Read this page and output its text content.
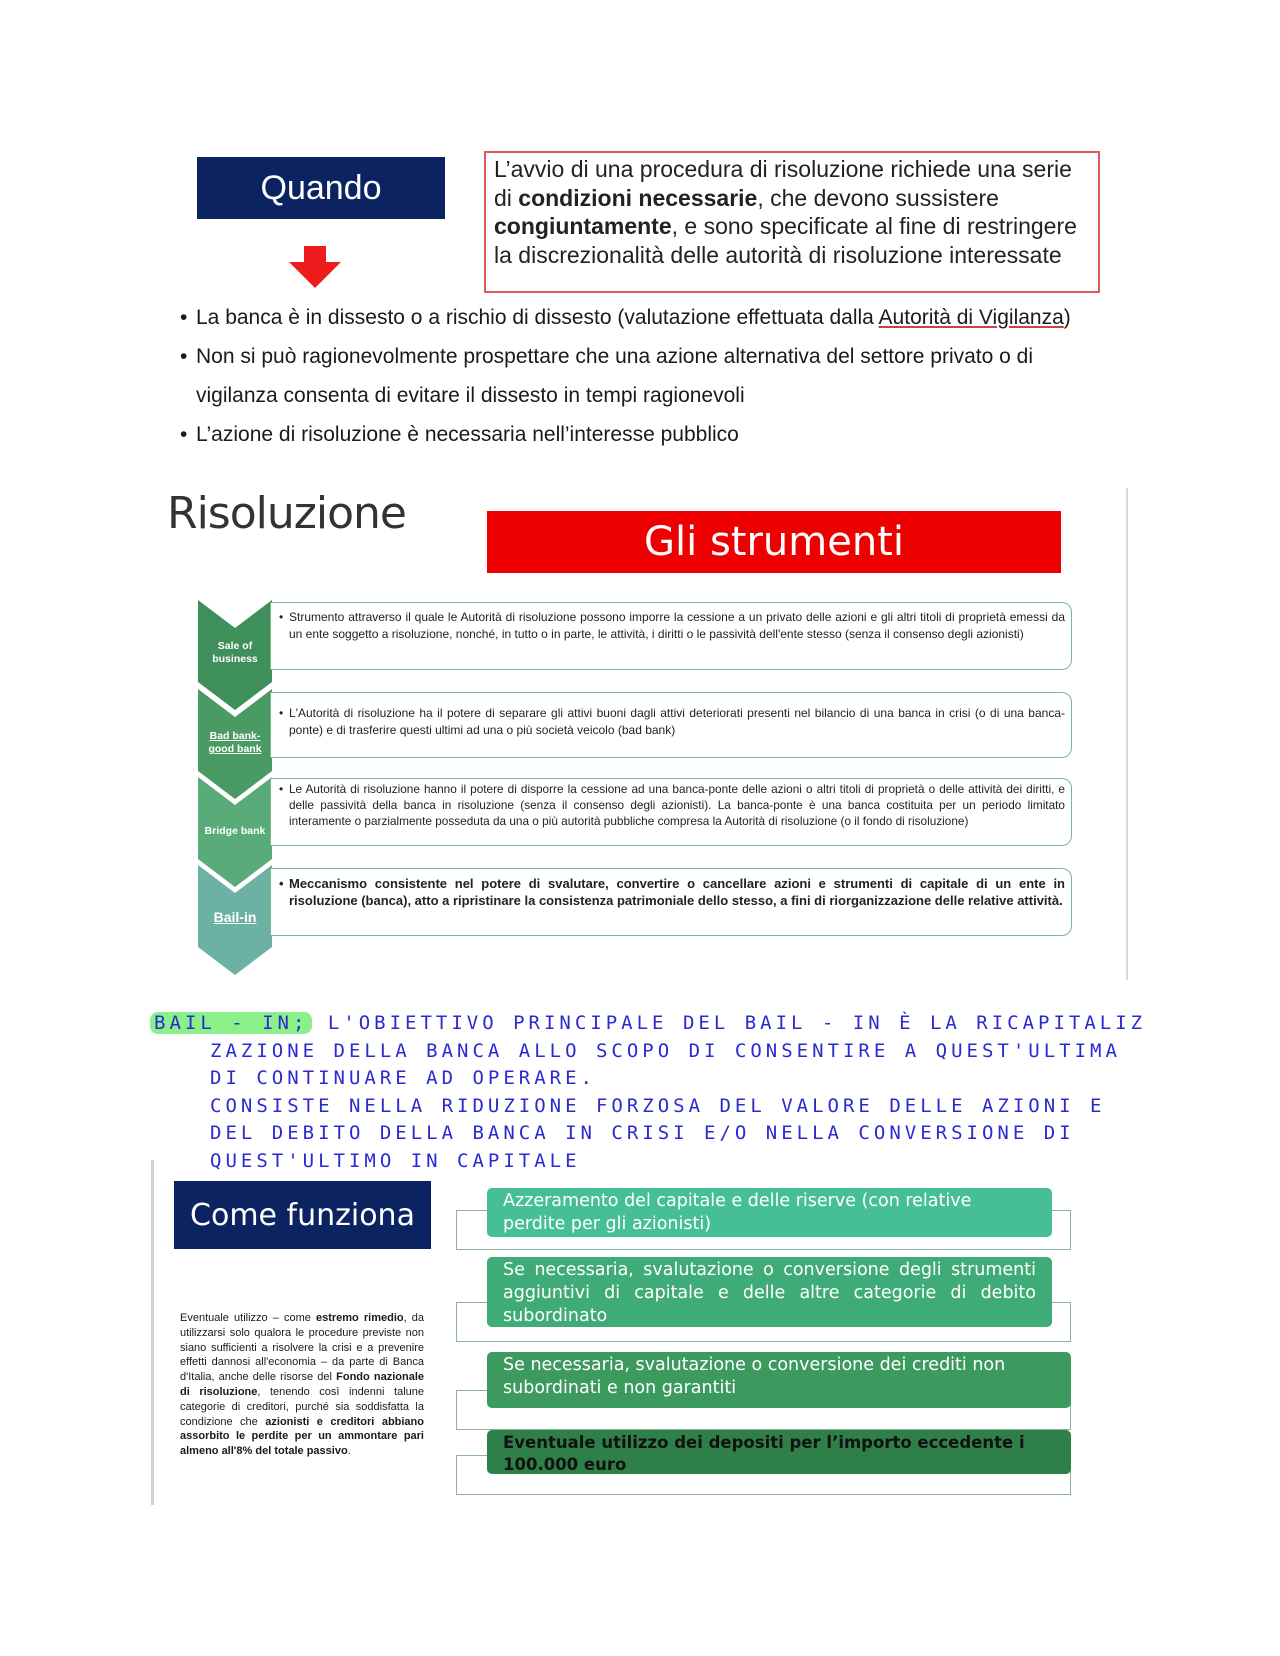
Quando	L’avvio di una procedura di risoluzione richiede una serie di condizioni necessarie, che devono sussistere congiuntamente, e sono specificate al fine di restringere la discrezionalità delle autorità di risoluzione interessate
• La banca è in dissesto o a rischio di dissesto (valutazione effettuata dalla Autorità di Vigilanza)
• Non si può ragionevolmente prospettare che una azione alternativa del settore privato o di vigilanza consenta di evitare il dissesto in tempi ragionevoli
• L’azione di risoluzione è necessaria nell’interesse pubblico
Risoluzione
Gli strumenti
Sale of business
Bad bank-good bank
Bridge bank
Bail-in
• Strumento attraverso il quale le Autorità di risoluzione possono imporre la cessione a un privato delle azioni e gli altri titoli di proprietà emessi da un ente soggetto a risoluzione, nonché, in tutto o in parte, le attività, i diritti o le passività dell'ente stesso (senza il consenso degli azionisti)
• L'Autorità di risoluzione ha il potere di separare gli attivi buoni dagli attivi deteriorati presenti nel bilancio di una banca in crisi (o di una banca-ponte) e di trasferire questi ultimi ad una o più società veicolo (bad bank)
• Le Autorità di risoluzione hanno il potere di disporre la cessione ad una banca-ponte delle azioni o altri titoli di proprietà o delle attività dei diritti, e delle passività della banca in risoluzione (senza il consenso degli azionisti). La banca-ponte è una banca costituita per un periodo limitato interamente o parzialmente posseduta da una o più autorità pubbliche compresa la Autorità di risoluzione (o il fondo di risoluzione)
• Meccanismo consistente nel potere di svalutare, convertire o cancellare azioni e strumenti di capitale di un ente in risoluzione (banca), atto a ripristinare la consistenza patrimoniale dello stesso, a fini di riorganizzazione delle relative attività.
BAIL - IN; L'OBIETTIVO PRINCIPALE DEL BAIL - IN È LA RICAPITALIZ
ZAZIONE DELLA BANCA ALLO SCOPO DI CONSENTIRE A QUEST'ULTIMA
DI CONTINUARE AD OPERARE.
CONSISTE NELLA RIDUZIONE FORZOSA DEL VALORE DELLE AZIONI E
DEL DEBITO DELLA BANCA IN CRISI E/O NELLA CONVERSIONE DI
QUEST'ULTIMO IN CAPITALE
Come funziona
Eventuale utilizzo – come estremo rimedio, da utilizzarsi solo qualora le procedure previste non siano sufficienti a risolvere la crisi e a prevenire effetti dannosi all'economia – da parte di Banca d'Italia, anche delle risorse del Fondo nazionale di risoluzione, tenendo così indenni talune categorie di creditori, purché sia soddisfatta la condizione che azionisti e creditori abbiano assorbito le perdite per un ammontare pari almeno all'8% del totale passivo.
Azzeramento del capitale e delle riserve (con relative perdite per gli azionisti)
Se necessaria, svalutazione o conversione degli strumenti aggiuntivi di capitale e delle altre categorie di debito subordinato
Se necessaria, svalutazione o conversione dei crediti non subordinati e non garantiti
Eventuale utilizzo dei depositi per l’importo eccedente i 100.000 euro
